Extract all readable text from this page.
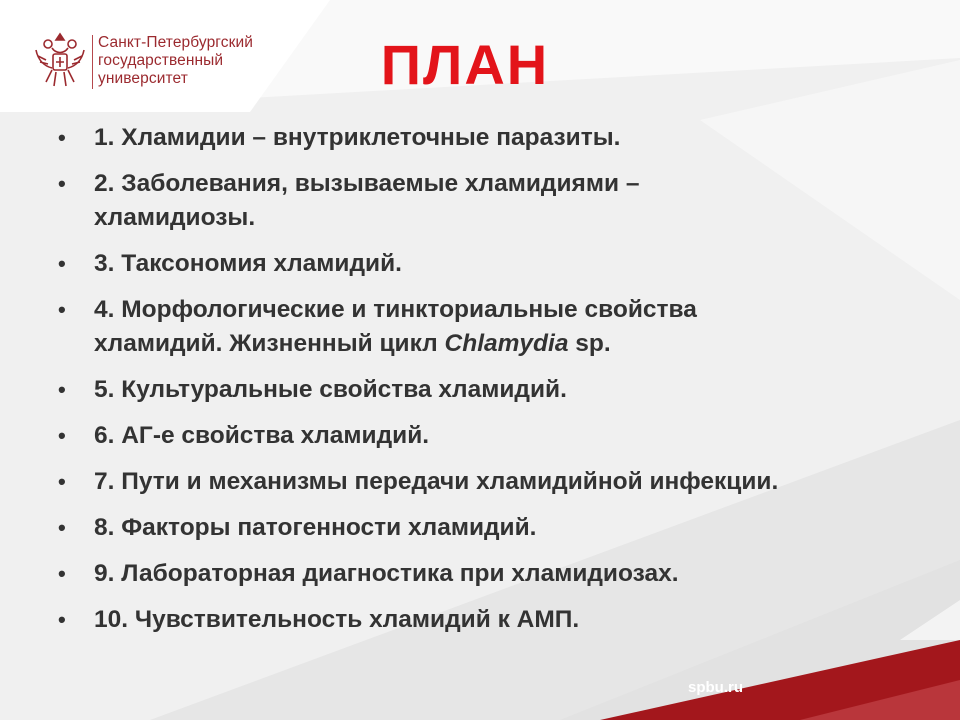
Санкт-Петербургский
государственный
университет	ПЛАН
• 1. Хламидии – внутриклеточные паразиты.
• 2. Заболевания, вызываемые хламидиями –
хламидиозы.
• 3. Таксономия хламидий.
• 4. Морфологические и тинкториальные свойства
хламидий. Жизненный цикл Chlamydia sp.
• 5. Культуральные свойства хламидий.
• 6. АГ-е свойства хламидий.
• 7. Пути и механизмы передачи хламидийной инфекции.
• 8. Факторы патогенности хламидий.
• 9. Лабораторная диагностика при хламидиозах.
• 10. Чувствительность хламидий к АМП.
spbu.ru
